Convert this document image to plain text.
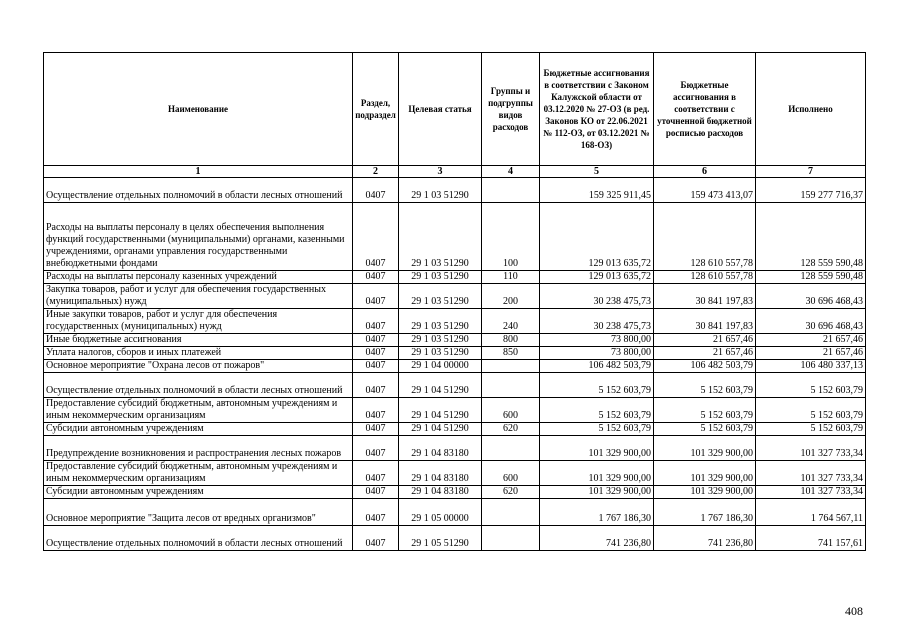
Наименование	Раздел, подраздел	Целевая статья	Группы и подгруппы видов расходов	Бюджетные ассигнования в соответствии с Законом Калужской области от 03.12.2020 № 27-ОЗ (в ред. Законов КО от 22.06.2021 № 112-ОЗ, от 03.12.2021 № 168-ОЗ)	Бюджетные ассигнования в соответствии с уточненной бюджетной росписью расходов	Исполнено
1	2	3	4	5	6	7
Осуществление отдельных полномочий в области лесных отношений	0407	29 1 03 51290		159 325 911,45	159 473 413,07	159 277 716,37
Расходы на выплаты персоналу в целях обеспечения выполнения функций государственными (муниципальными) органами, казенными учреждениями, органами управления государственными внебюджетными фондами	0407	29 1 03 51290	100	129 013 635,72	128 610 557,78	128 559 590,48
Расходы на выплаты персоналу казенных учреждений	0407	29 1 03 51290	110	129 013 635,72	128 610 557,78	128 559 590,48
Закупка товаров, работ и услуг для обеспечения государственных (муниципальных) нужд	0407	29 1 03 51290	200	30 238 475,73	30 841 197,83	30 696 468,43
Иные закупки товаров, работ и услуг для обеспечения государственных (муниципальных) нужд	0407	29 1 03 51290	240	30 238 475,73	30 841 197,83	30 696 468,43
Иные бюджетные ассигнования	0407	29 1 03 51290	800	73 800,00	21 657,46	21 657,46
Уплата налогов, сборов и иных платежей	0407	29 1 03 51290	850	73 800,00	21 657,46	21 657,46
Основное мероприятие "Охрана лесов от пожаров"	0407	29 1 04 00000		106 482 503,79	106 482 503,79	106 480 337,13
Осуществление отдельных полномочий в области лесных отношений	0407	29 1 04 51290		5 152 603,79	5 152 603,79	5 152 603,79
Предоставление субсидий бюджетным, автономным учреждениям и иным некоммерческим организациям	0407	29 1 04 51290	600	5 152 603,79	5 152 603,79	5 152 603,79
Субсидии автономным учреждениям	0407	29 1 04 51290	620	5 152 603,79	5 152 603,79	5 152 603,79
Предупреждение возникновения и распространения лесных пожаров	0407	29 1 04 83180		101 329 900,00	101 329 900,00	101 327 733,34
Предоставление субсидий бюджетным, автономным учреждениям и иным некоммерческим организациям	0407	29 1 04 83180	600	101 329 900,00	101 329 900,00	101 327 733,34
Субсидии автономным учреждениям	0407	29 1 04 83180	620	101 329 900,00	101 329 900,00	101 327 733,34
Основное мероприятие "Защита лесов от вредных организмов"	0407	29 1 05 00000		1 767 186,30	1 767 186,30	1 764 567,11
Осуществление отдельных полномочий в области лесных отношений	0407	29 1 05 51290		741 236,80	741 236,80	741 157,61
408
